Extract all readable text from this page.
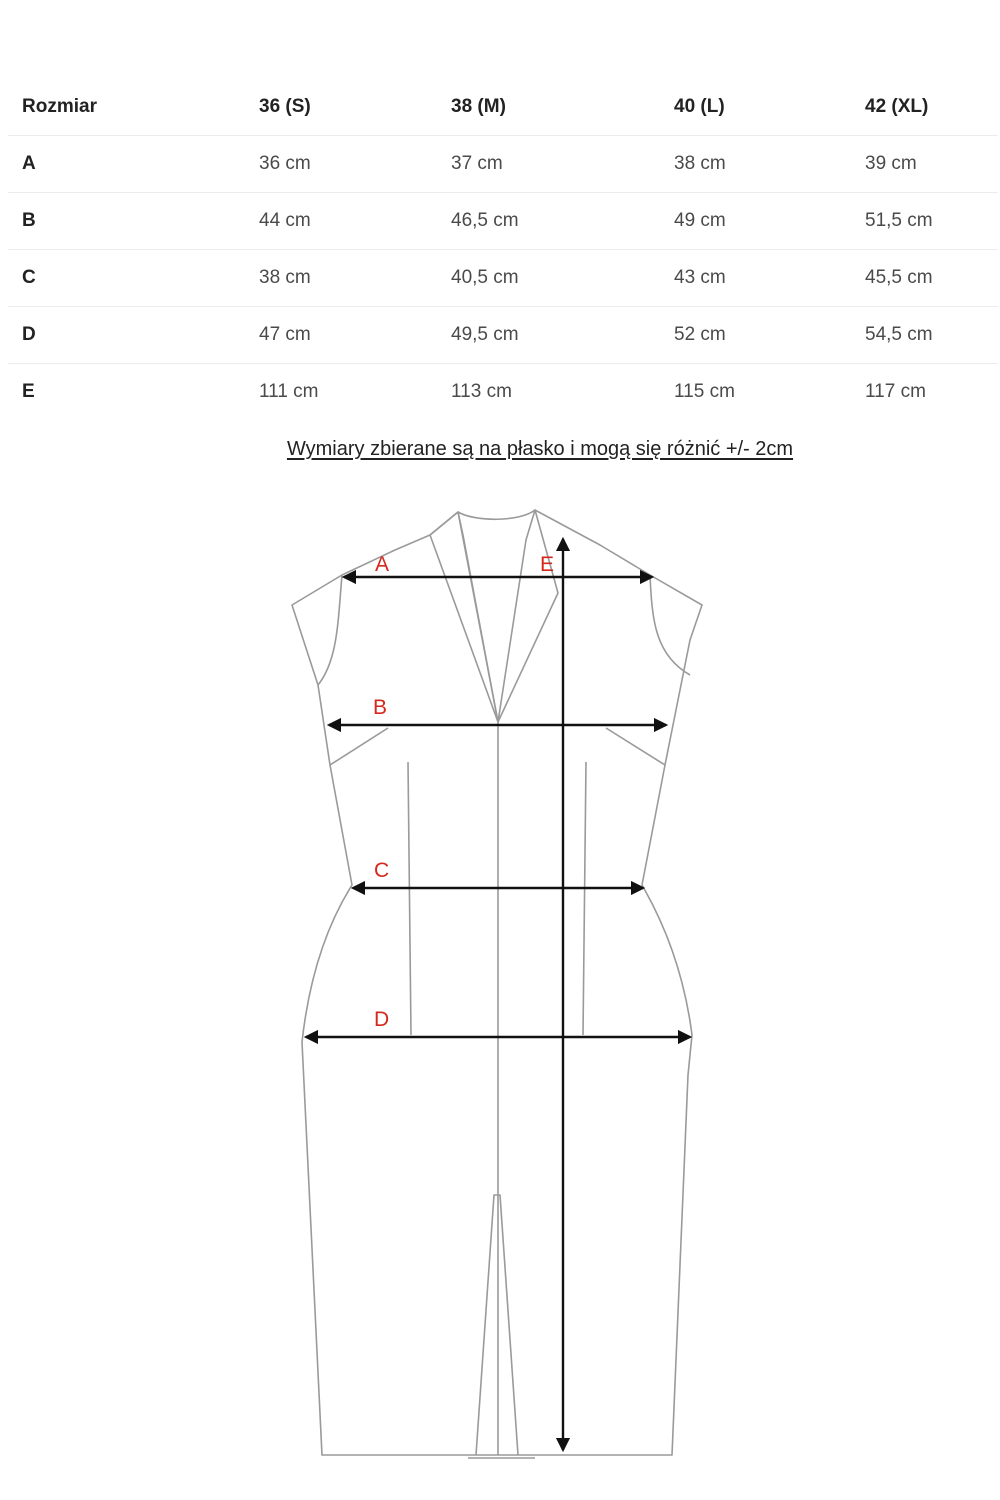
Rozmiar	36 (S)	38 (M)	40 (L)	42 (XL)
A	36 cm	37 cm	38 cm	39 cm
B	44 cm	46,5 cm	49 cm	51,5 cm
C	38 cm	40,5 cm	43 cm	45,5 cm
D	47 cm	49,5 cm	52 cm	54,5 cm
E	111 cm	113 cm	115 cm	117 cm
Wymiary zbierane są na płasko i mogą się różnić +/- 2cm
A	E
B
C
D
